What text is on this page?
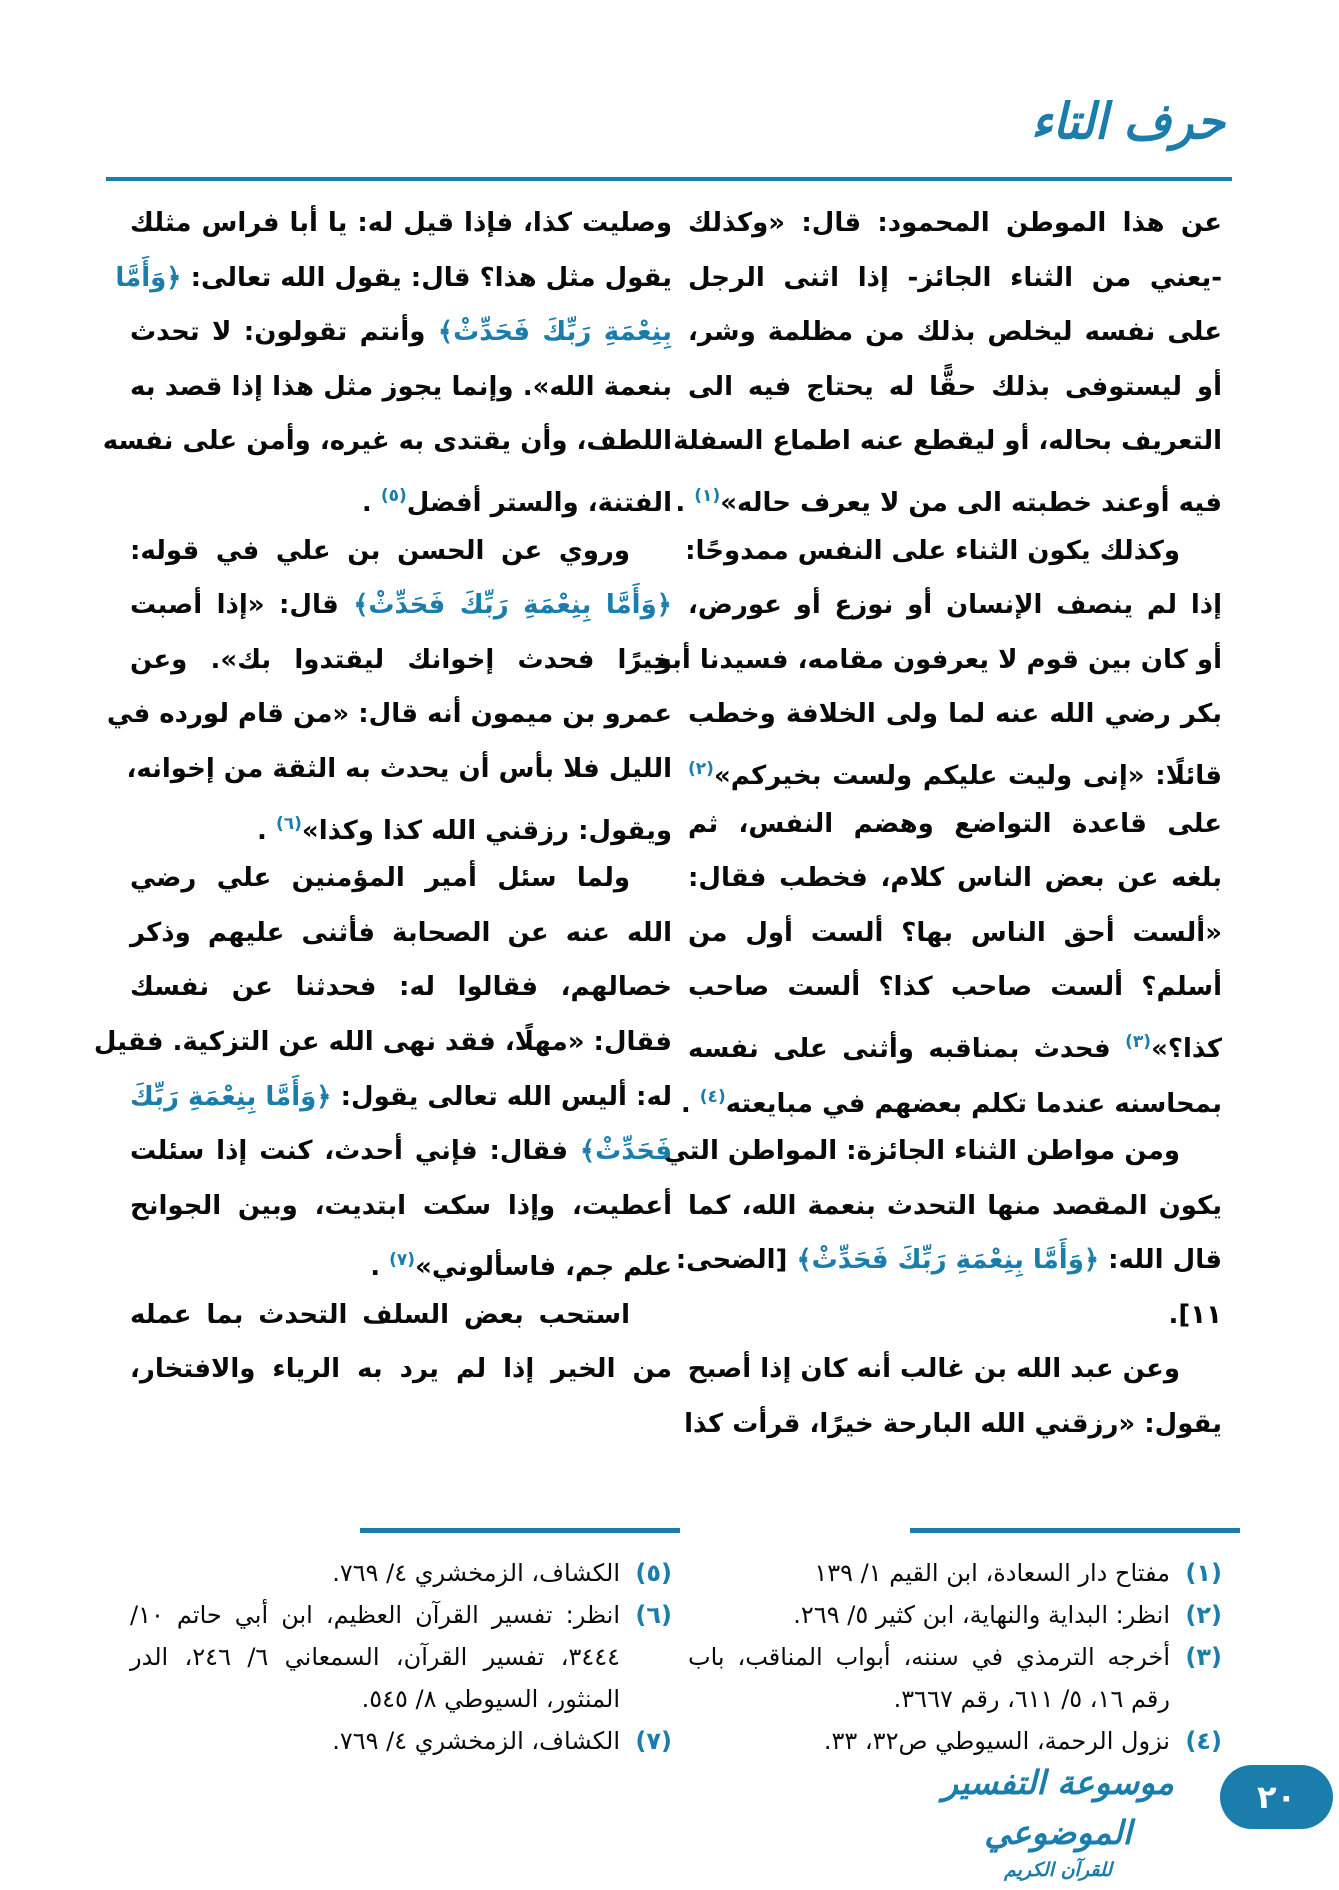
حرف التاء
عن هذا الموطن المحمود: قال: «وكذلك
-يعني من الثناء الجائز- إذا اثنى الرجل
على نفسه ليخلص بذلك من مظلمة وشر،
أو ليستوفى بذلك حقًّا له يحتاج فيه الى
التعريف بحاله، أو ليقطع عنه اطماع السفلة
فيه أوعند خطبته الى من لا يعرف حاله»$^{(١)}$ .
وكذلك يكون الثناء على النفس ممدوحًا:
إذا لم ينصف الإنسان أو نوزع أو عورض،
أو كان بين قوم لا يعرفون مقامه، فسيدنا أبو
بكر رضي الله عنه لما ولى الخلافة وخطب
قائلًا: «إنى وليت عليكم ولست بخيركم»$^{(٢)}$
على قاعدة التواضع وهضم النفس، ثم
بلغه عن بعض الناس كلام، فخطب فقال:
«ألست أحق الناس بها؟ ألست أول من
أسلم؟ ألست صاحب كذا؟ ألست صاحب
كذا؟»$^{(٣)}$ فحدث بمناقبه وأثنى على نفسه
بمحاسنه عندما تكلم بعضهم في مبايعته$^{(٤)}$ .
ومن مواطن الثناء الجائزة: المواطن التي
يكون المقصد منها التحدث بنعمة الله، كما
قال الله: ﴿وَأَمَّا بِنِعْمَةِ رَبِّكَ فَحَدِّثْ﴾ [الضحى:
١١].
وعن عبد الله بن غالب أنه كان إذا أصبح
يقول: «رزقني الله البارحة خيرًا، قرأت كذا
وصليت كذا، فإذا قيل له: يا أبا فراس مثلك
يقول مثل هذا؟ قال: يقول الله تعالى: ﴿وَأَمَّا
بِنِعْمَةِ رَبِّكَ فَحَدِّثْ﴾ وأنتم تقولون: لا تحدث
بنعمة الله». وإنما يجوز مثل هذا إذا قصد به
اللطف، وأن يقتدى به غيره، وأمن على نفسه
الفتنة، والستر أفضل$^{(٥)}$ .
وروي عن الحسن بن علي في قوله:
﴿وَأَمَّا بِنِعْمَةِ رَبِّكَ فَحَدِّثْ﴾ قال: «إذا أصبت
خيرًا فحدث إخوانك ليقتدوا بك». وعن
عمرو بن ميمون أنه قال: «من قام لورده في
الليل فلا بأس أن يحدث به الثقة من إخوانه،
ويقول: رزقني الله كذا وكذا»$^{(٦)}$ .
ولما سئل أمير المؤمنين علي رضي
الله عنه عن الصحابة فأثنى عليهم وذكر
خصالهم، فقالوا له: فحدثنا عن نفسك
فقال: «مهلًا، فقد نهى الله عن التزكية. فقيل
له: أليس الله تعالى يقول: ﴿وَأَمَّا بِنِعْمَةِ رَبِّكَ
فَحَدِّثْ﴾ فقال: فإني أحدث، كنت إذا سئلت
أعطيت، وإذا سكت ابتديت، وبين الجوانح
علم جم، فاسألوني»$^{(٧)}$ .
استحب بعض السلف التحدث بما عمله
من الخير إذا لم يرد به الرياء والافتخار،
(١)
مفتاح دار السعادة، ابن القيم ١/ ١٣٩
(٢)
انظر: البداية والنهاية، ابن كثير ٥/ ٢٦٩.
(٣)
أخرجه الترمذي في سننه، أبواب المناقب، باب رقم ١٦، ٥/ ٦١١، رقم ٣٦٦٧.
(٤)
نزول الرحمة، السيوطي ص٣٢، ٣٣.
(٥)
الكشاف، الزمخشري ٤/ ٧٦٩.
(٦)
انظر: تفسير القرآن العظيم، ابن أبي حاتم ١٠/ ٣٤٤٤، تفسير القرآن، السمعاني ٦/ ٢٤٦، الدر المنثور، السيوطي ٨/ ٥٤٥.
(٧)
الكشاف، الزمخشري ٤/ ٧٦٩.
موسوعة التفسير الموضوعي
للقرآن الكريم
٢٠
